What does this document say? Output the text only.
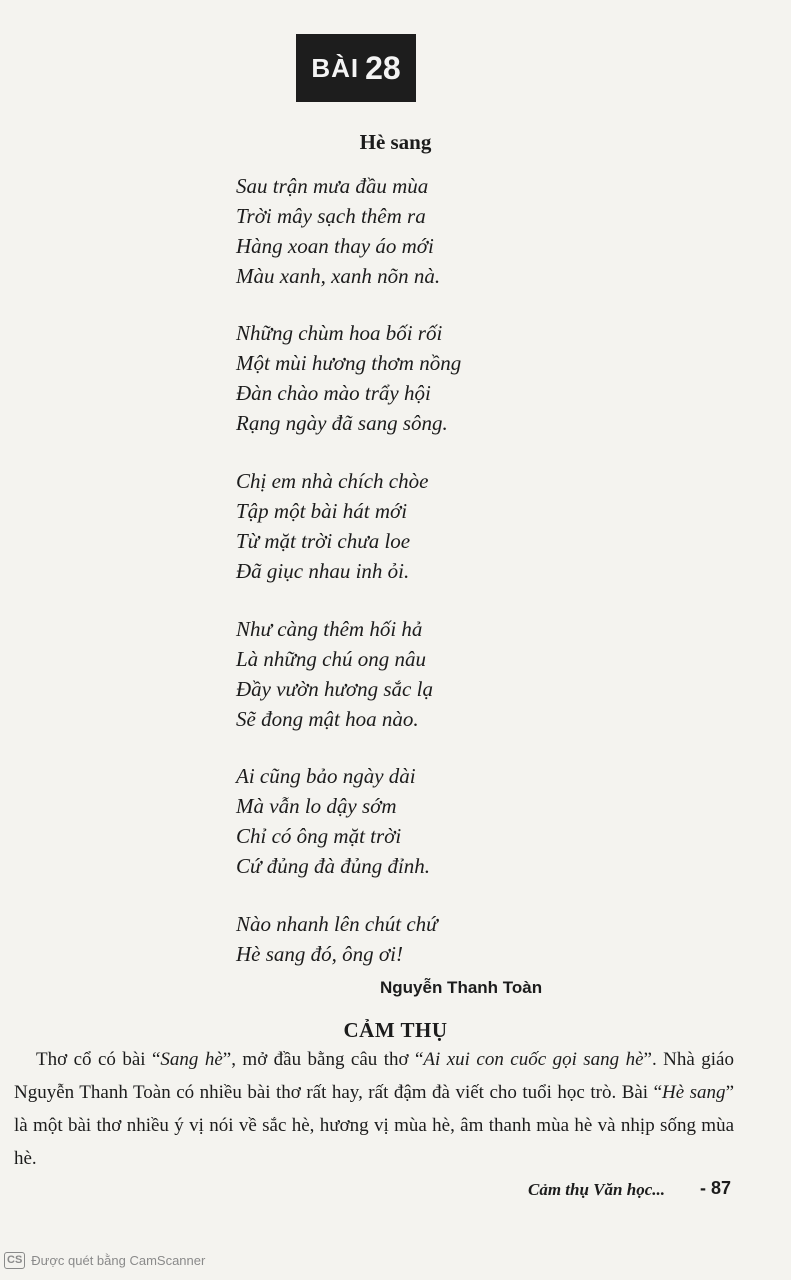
BÀI 28
Hè sang
Sau trận mưa đầu mùa
Trời mây sạch thêm ra
Hàng xoan thay áo mới
Màu xanh, xanh nõn nà.
Những chùm hoa bối rối
Một mùi hương thơm nồng
Đàn chào mào trẩy hội
Rạng ngày đã sang sông.
Chị em nhà chích chòe
Tập một bài hát mới
Từ mặt trời chưa loe
Đã giục nhau inh ỏi.
Như càng thêm hối hả
Là những chú ong nâu
Đầy vườn hương sắc lạ
Sẽ đong mật hoa nào.
Ai cũng bảo ngày dài
Mà vẫn lo dậy sớm
Chỉ có ông mặt trời
Cứ đủng đà đủng đỉnh.
Nào nhanh lên chút chứ
Hè sang đó, ông ơi!
Nguyễn Thanh Toàn
CẢM THỤ

Thơ cổ có bài “Sang hè”, mở đầu bằng câu thơ “Ai xui con cuốc gọi sang hè”. Nhà giáo Nguyễn Thanh Toàn có nhiều bài thơ rất hay, rất đậm đà viết cho tuổi học trò. Bài “Hè sang” là một bài thơ nhiều ý vị nói về sắc hè, hương vị mùa hè, âm thanh mùa hè và nhịp sống mùa hè.

Cảm thụ Văn học... - 87
CS Được quét bằng CamScanner
